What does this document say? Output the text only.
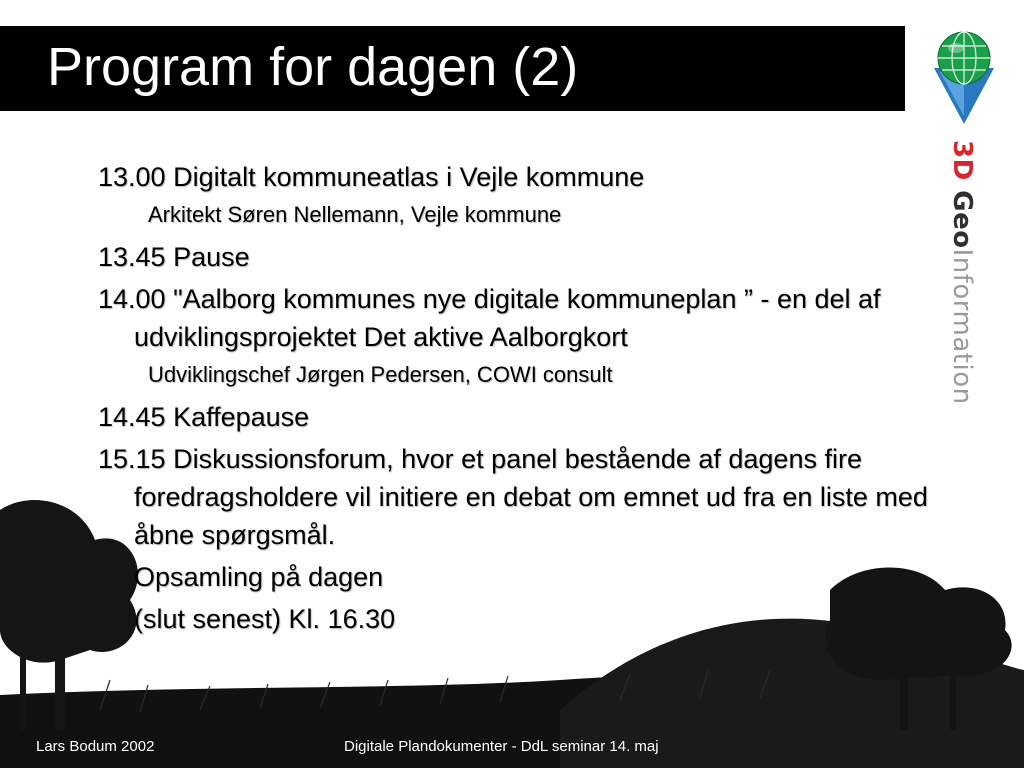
Program for dagen (2)
3D GeoInformation
13.00 Digitalt kommuneatlas i Vejle kommune
Arkitekt Søren Nellemann, Vejle kommune
13.45 Pause
14.00 "Aalborg kommunes nye digitale kommuneplan ” - en del af udviklingsprojektet Det aktive Aalborgkort
Udviklingschef Jørgen Pedersen, COWI consult
14.45 Kaffepause
15.15 Diskussionsforum, hvor et panel bestående af dagens fire foredragsholdere vil initiere en debat om emnet ud fra en liste med åbne spørgsmål.
Opsamling på dagen
(slut senest) Kl. 16.30
Lars Bodum 2002	Digitale Plandokumenter - DdL seminar 14. maj
